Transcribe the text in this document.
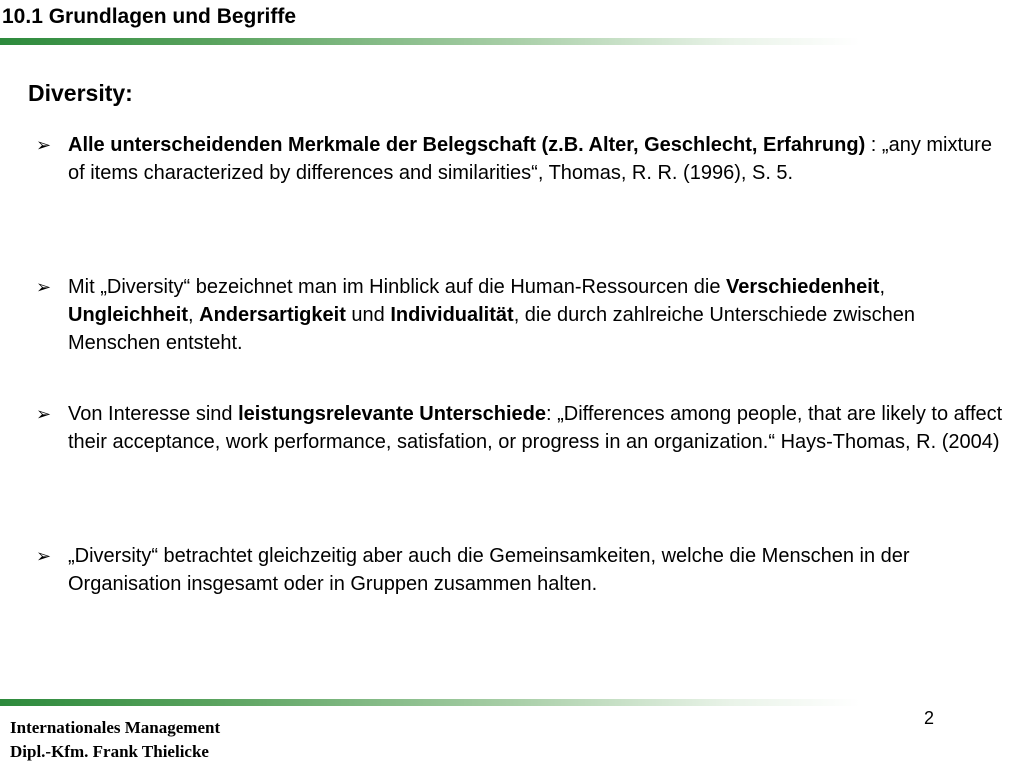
10.1 Grundlagen und Begriffe
Diversity:
➢ Alle unterscheidenden Merkmale der Belegschaft (z.B. Alter, Geschlecht, Erfahrung) : „any mixture of items characterized by differences and similarities“, Thomas, R. R. (1996), S. 5.
➢ Mit „Diversity“ bezeichnet man im Hinblick auf die Human-Ressourcen die Verschiedenheit, Ungleichheit, Andersartigkeit und Individualität, die durch zahlreiche Unterschiede zwischen Menschen entsteht.
➢ Von Interesse sind leistungsrelevante Unterschiede: „Differences among people, that are likely to affect their acceptance, work performance, satisfation, or progress in an organization.“ Hays-Thomas, R. (2004)
➢ „Diversity“ betrachtet gleichzeitig aber auch die Gemeinsamkeiten, welche die Menschen in der Organisation insgesamt oder in Gruppen zusammen halten.
2
Internationales Management
Dipl.-Kfm. Frank Thielicke
